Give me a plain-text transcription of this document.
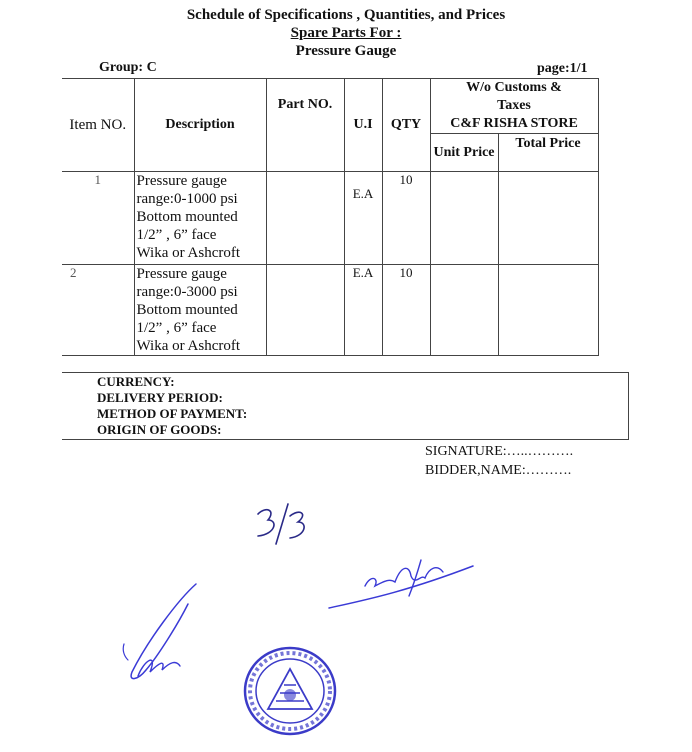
Schedule of Specifications , Quantities, and Prices
Spare Parts For :
Pressure Gauge
Group: C	page:1/1
Item NO.	Description	Part NO.	U.I	QTY	W/o Customs & Taxes
C&F RISHA STORE	

					Unit Price	Total Price
1	Pressure gauge
range:0-1000 psi
Bottom mounted
1/2” , 6” face
Wika or Ashcroft		E.A	10		
2	Pressure gauge
range:0-3000 psi
Bottom mounted
1/2” , 6” face
Wika or Ashcroft		E.A	10		
CURRENCY:
DELIVERY PERIOD:
METHOD OF PAYMENT:
ORIGIN OF GOODS:
SIGNATURE:…..……….
BIDDER,NAME:……….
